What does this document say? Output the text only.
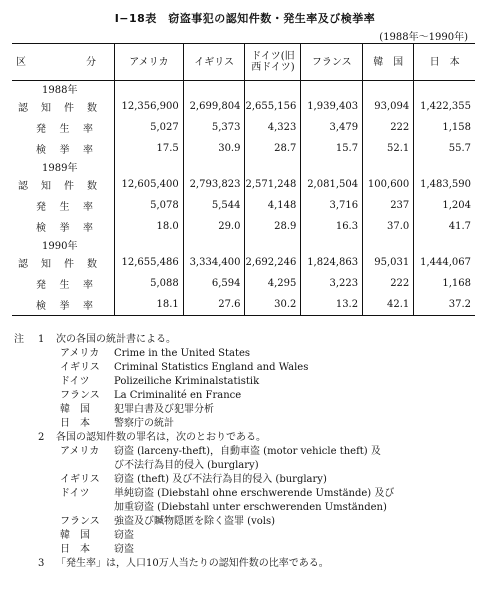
Ⅰ−18表　窃盗事犯の認知件数・発生率及び検挙率
(1988年〜1990年)
区 分	アメリカ	イギリス	ドイツ(旧西ドイツ)	フランス	韓　国	日　本
1988年						
認知件数	12,356,900	2,699,804	2,655,156	1,939,403	93,094	1,422,355
発生率	5,027	5,373	4,323	3,479	222	1,158
検挙率	17.5	30.9	28.7	15.7	52.1	55.7
1989年						
認知件数	12,605,400	2,793,823	2,571,248	2,081,504	100,600	1,483,590
発生率	5,078	5,544	4,148	3,716	237	1,204
検挙率	18.0	29.0	28.9	16.3	37.0	41.7
1990年						
認知件数	12,655,486	3,334,400	2,692,246	1,824,863	95,031	1,444,067
発生率	5,088	6,594	4,295	3,223	222	1,168
検挙率	18.1	27.6	30.2	13.2	42.1	37.2
注 1 次の各国の統計書による。
アメリカ Crime in the United States
イギリス Criminal Statistics England and Wales
ドイツ Polizeiliche Kriminalstatistik
フランス La Criminalité en France
韓　国 犯罪白書及び犯罪分析
日　本 警察庁の統計
2 各国の認知件数の罪名は，次のとおりである。
アメリカ 窃盗 (larceny-theft)，自動車盗 (motor vehicle theft) 及
び不法行為目的侵入 (burglary)
イギリス 窃盗 (theft) 及び不法行為目的侵入 (burglary)
ドイツ 単純窃盗 (Diebstahl ohne erschwerende Umstände) 及び
加重窃盗 (Diebstahl unter erschwerenden Umständen)
フランス 強盗及び贓物隠匿を除く盗罪 (vols)
韓　国 窃盗
日　本 窃盗
3 「発生率」は，人口10万人当たりの認知件数の比率である。
